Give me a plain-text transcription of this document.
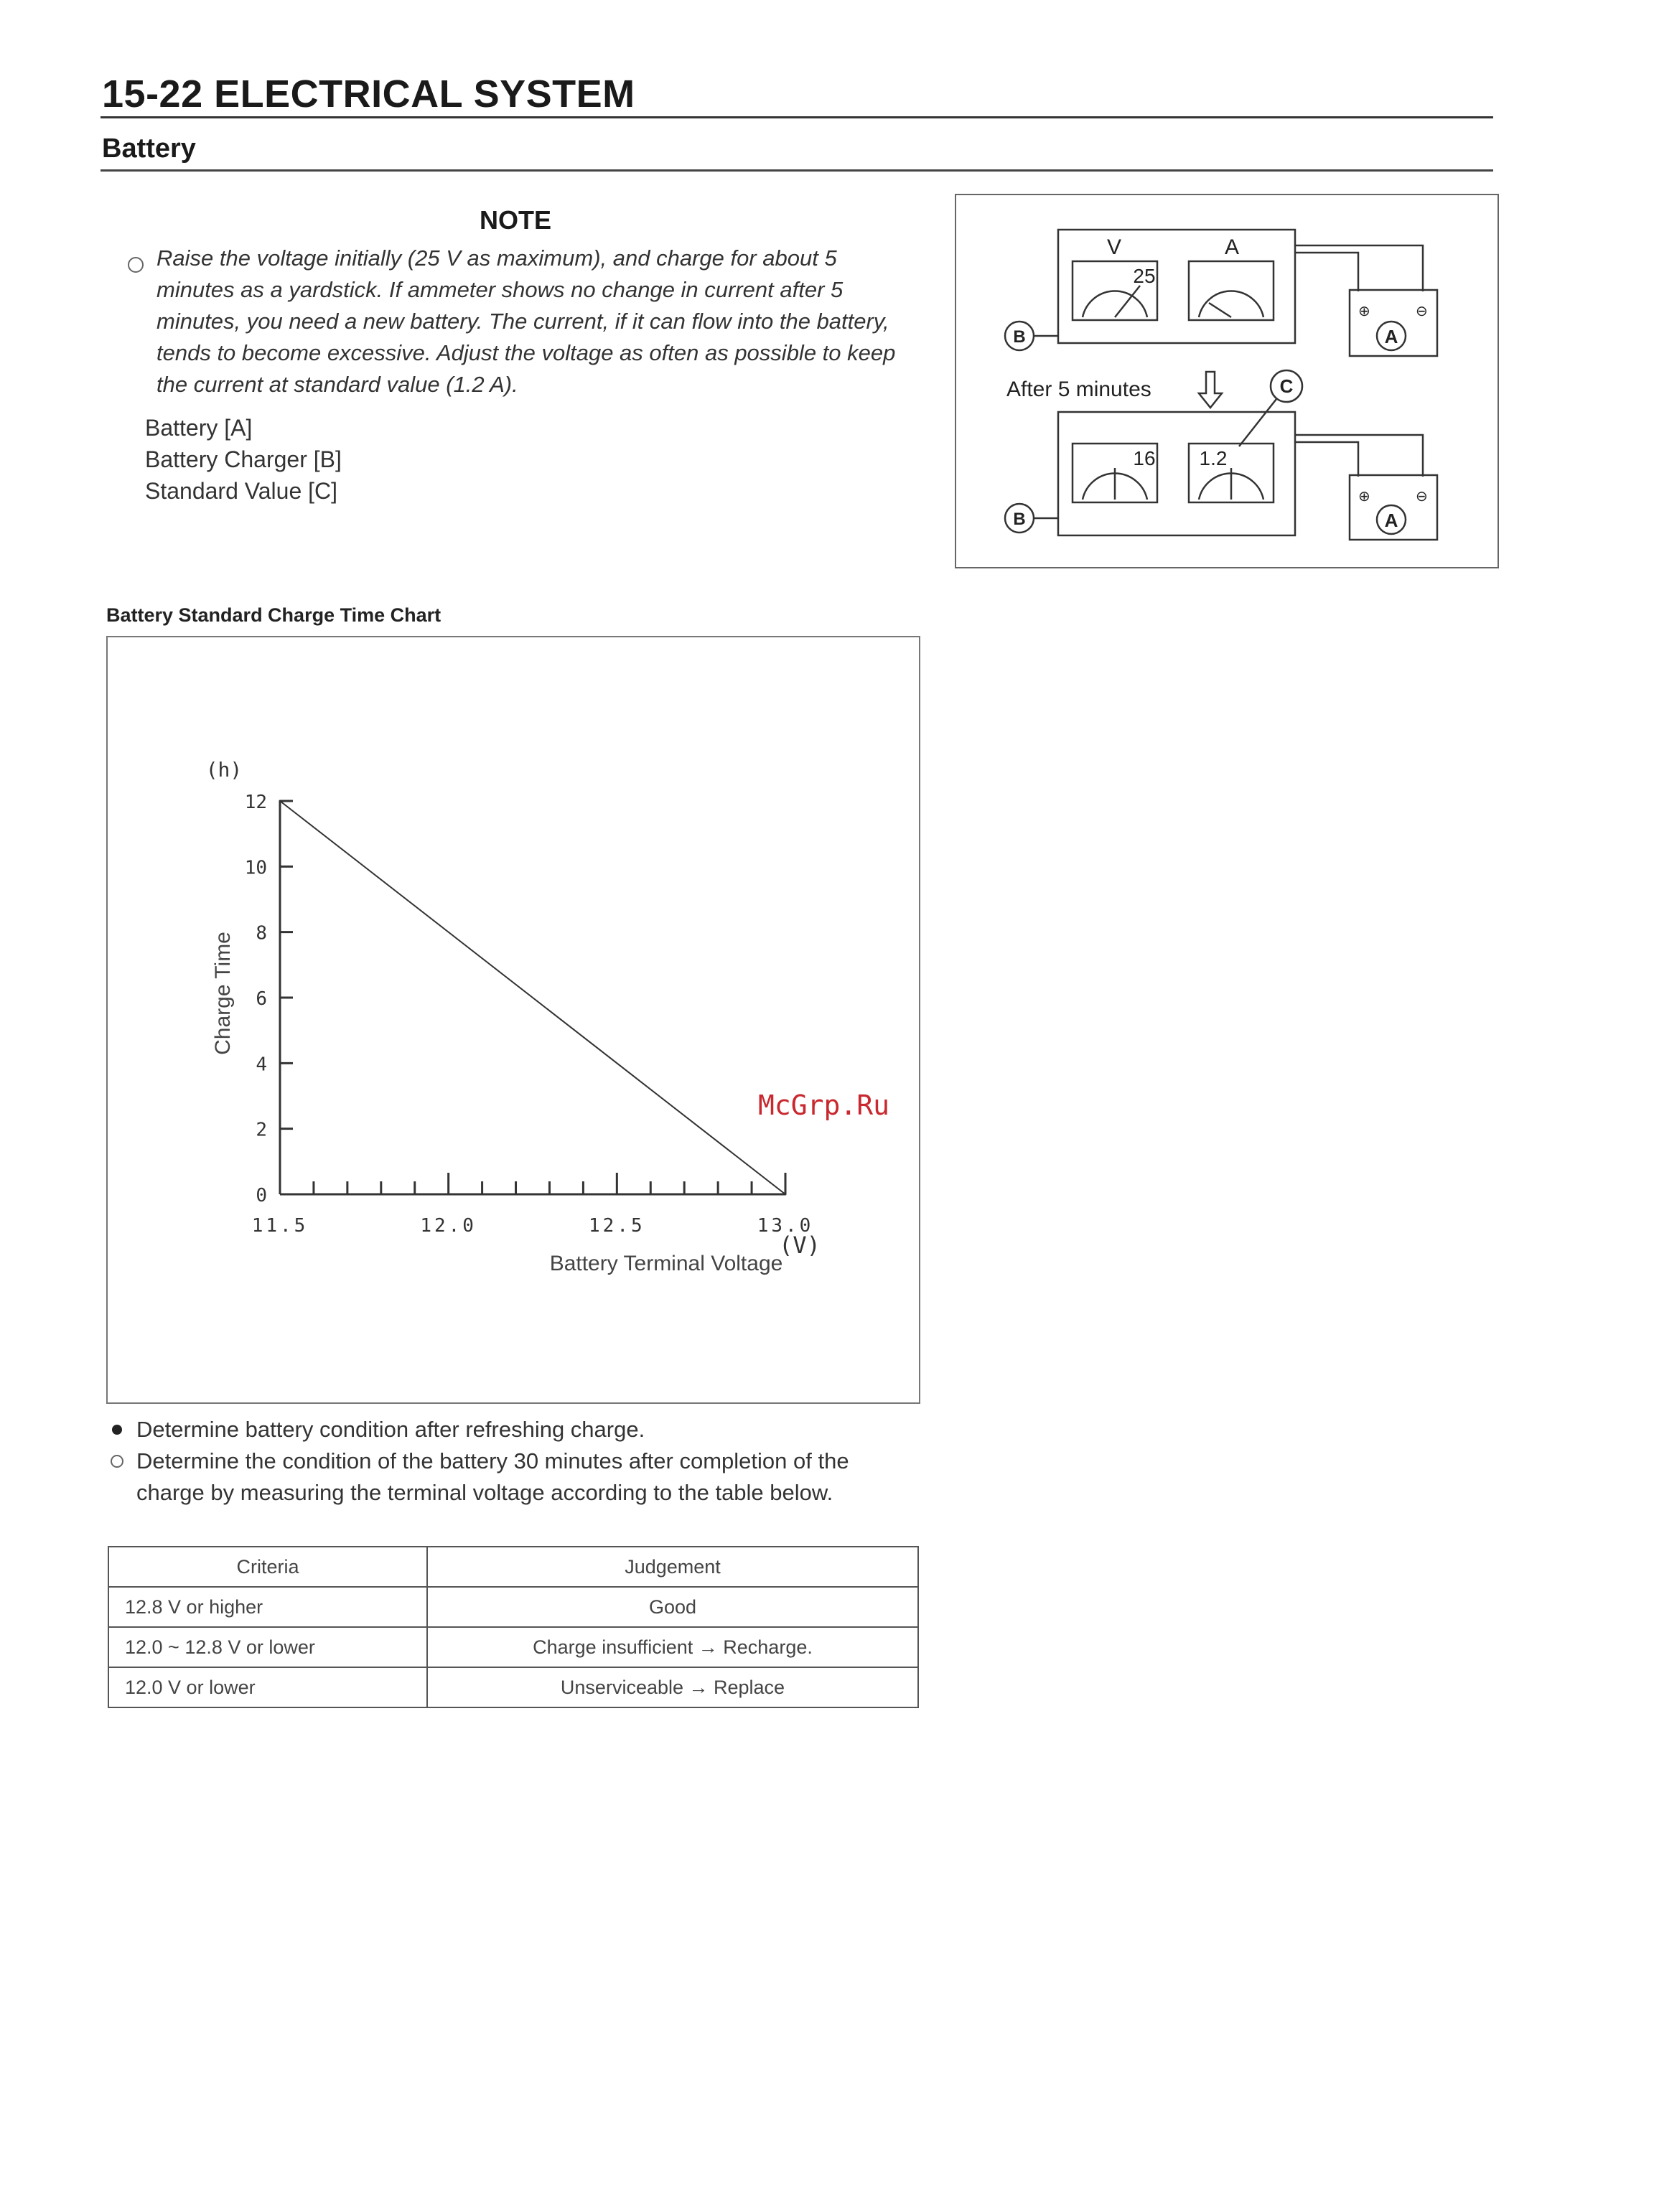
15-22 ELECTRICAL SYSTEM
Battery
NOTE
Raise the voltage initially (25 V as maximum), and charge for about 5 minutes as a yardstick. If ammeter shows no change in current after 5 minutes, you need a new battery. The current, if it can flow into the battery, tends to become excessive. Adjust the voltage as often as possible to keep the current at standard value (1.2 A).
Battery [A]
Battery Charger [B]
Standard Value [C]
V	A
25
⊕	⊖
A
B
After 5 minutes	C
16 1.2
⊕	⊖
A
B
Battery Standard Charge Time Chart
0
2
4
6
8
10
12
11.5	12.0	12.5	13.0
(h)
(V)
Battery Terminal Voltage
Charge Time
McGrp.Ru
Determine battery condition after refreshing charge.
Determine the condition of the battery 30 minutes after completion of the charge by measuring the terminal voltage according to the table below.
Criteria	Judgement
12.8 V or higher	Good
12.0 ~ 12.8 V or lower	Charge insufficient → Recharge.
12.0 V or lower	Unserviceable → Replace
